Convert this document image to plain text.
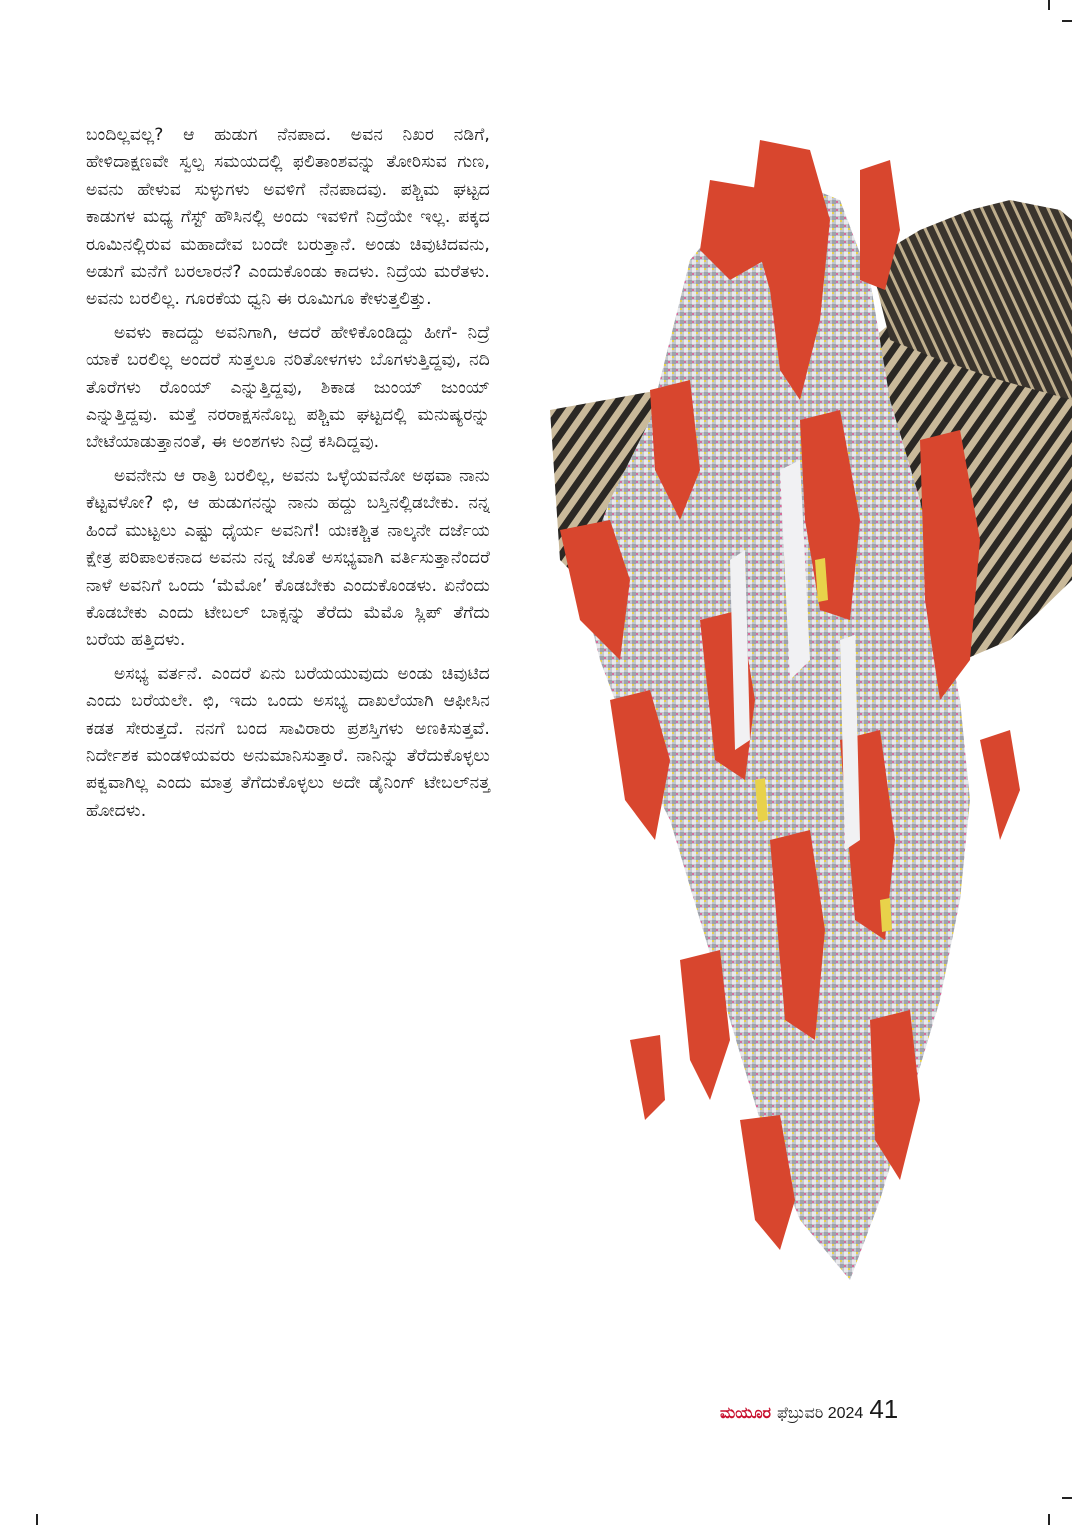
ಬಂದಿಲ್ಲವಲ್ಲ? ಆ ಹುಡುಗ ನೆನಪಾದ. ಅವನ ನಿಖರ ನಡಿಗೆ, ಹೇಳಿದಾಕ್ಷಣವೇ ಸ್ವಲ್ಪ ಸಮಯದಲ್ಲಿ ಫಲಿತಾಂಶವನ್ನು ತೋರಿಸುವ ಗುಣ, ಅವನು ಹೇಳುವ ಸುಳ್ಳುಗಳು ಅವಳಿಗೆ ನೆನಪಾದವು. ಪಶ್ಚಿಮ ಘಟ್ಟದ ಕಾಡುಗಳ ಮಧ್ಯ ಗೆಸ್ಟ್ ಹೌಸಿನಲ್ಲಿ ಅಂದು ಇವಳಿಗೆ ನಿದ್ರೆಯೇ ಇಲ್ಲ. ಪಕ್ಕದ ರೂಮಿನಲ್ಲಿರುವ ಮಹಾದೇವ ಬಂದೇ ಬರುತ್ತಾನೆ. ಅಂಡು ಚಿವುಟಿದವನು, ಅಡುಗೆ ಮನೆಗೆ ಬರಲಾರನೆ? ಎಂದುಕೊಂಡು ಕಾದಳು. ನಿದ್ರೆಯ ಮರೆತಳು. ಅವನು ಬರಲಿಲ್ಲ. ಗೂರಕೆಯ ಧ್ವನಿ ಈ ರೂಮಿಗೂ ಕೇಳುತ್ತಲಿತ್ತು.

ಅವಳು ಕಾದದ್ದು ಅವನಿಗಾಗಿ, ಆದರೆ ಹೇಳಿಕೊಂಡಿದ್ದು ಹೀಗೆ- ನಿದ್ರೆ ಯಾಕೆ ಬರಲಿಲ್ಲ ಅಂದರೆ ಸುತ್ತಲೂ ನರಿತೋಳಗಳು ಬೊಗಳುತ್ತಿದ್ದವು, ನದಿ ತೊರೆಗಳು ರೊಂಯ್ ಎನ್ನುತ್ತಿದ್ದವು, ಶಿಕಾಡ ಜುಂಯ್ ಜುಂಯ್ ಎನ್ನುತ್ತಿದ್ದವು. ಮತ್ತೆ ನರರಾಕ್ಷಸನೊಬ್ಬ ಪಶ್ಚಿಮ ಘಟ್ಟದಲ್ಲಿ ಮನುಷ್ಯರನ್ನು ಬೇಟೆಯಾಡುತ್ತಾನಂತೆ, ಈ ಅಂಶಗಳು ನಿದ್ರೆ ಕಸಿದಿದ್ದವು.

ಅವನೇನು ಆ ರಾತ್ರಿ ಬರಲಿಲ್ಲ, ಅವನು ಒಳ್ಳೆಯವನೋ ಅಥವಾ ನಾನು ಕೆಟ್ಟವಳೋ? ಛಿ, ಆ ಹುಡುಗನನ್ನು ನಾನು ಹದ್ದು ಬಸ್ತಿನಲ್ಲಿಡಬೇಕು. ನನ್ನ ಹಿಂದೆ ಮುಟ್ಟಲು ಎಷ್ಟು ಧೈರ್ಯ ಅವನಿಗೆ! ಯಃಕಶ್ಚಿತ ನಾಲ್ಕನೇ ದರ್ಜೆಯ ಕ್ಷೇತ್ರ ಪರಿಪಾಲಕನಾದ ಅವನು ನನ್ನ ಜೊತೆ ಅಸಭ್ಯವಾಗಿ ವರ್ತಿಸುತ್ತಾನೆಂದರೆ ನಾಳೆ ಅವನಿಗೆ ಒಂದು ‘ಮೆಮೋ’ ಕೊಡಬೇಕು ಎಂದುಕೊಂಡಳು. ಏನೆಂದು ಕೊಡಬೇಕು ಎಂದು ಟೇಬಲ್ ಬಾಕ್ಸನ್ನು ತೆರೆದು ಮೆಮೊ ಸ್ಲಿಪ್ ತೆಗೆದು ಬರೆಯ ಹತ್ತಿದಳು.

ಅಸಭ್ಯ ವರ್ತನೆ. ಎಂದರೆ ಏನು ಬರೆಯಯುವುದು ಅಂಡು ಚಿವುಟಿದ ಎಂದು ಬರೆಯಲೇ. ಛಿ, ಇದು ಒಂದು ಅಸಭ್ಯ ದಾಖಲೆಯಾಗಿ ಆಫೀಸಿನ ಕಡತ ಸೇರುತ್ತದೆ. ನನಗೆ ಬಂದ ಸಾವಿರಾರು ಪ್ರಶಸ್ತಿಗಳು ಅಣಕಿಸುತ್ತವೆ. ನಿರ್ದೇಶಕ ಮಂಡಳಿಯವರು ಅನುಮಾನಿಸುತ್ತಾರೆ. ನಾನಿನ್ನು ತೆರೆದುಕೊಳ್ಳಲು ಪಕ್ವವಾಗಿಲ್ಲ ಎಂದು ಮಾತ್ರ ತೆಗೆದುಕೊಳ್ಳಲು ಅದೇ ಡೈನಿಂಗ್ ಟೇಬಲ್‌ನತ್ತ ಹೋದಳು.

ಮಯೂರ ಫೆಬ್ರುವರಿ 2024 41
